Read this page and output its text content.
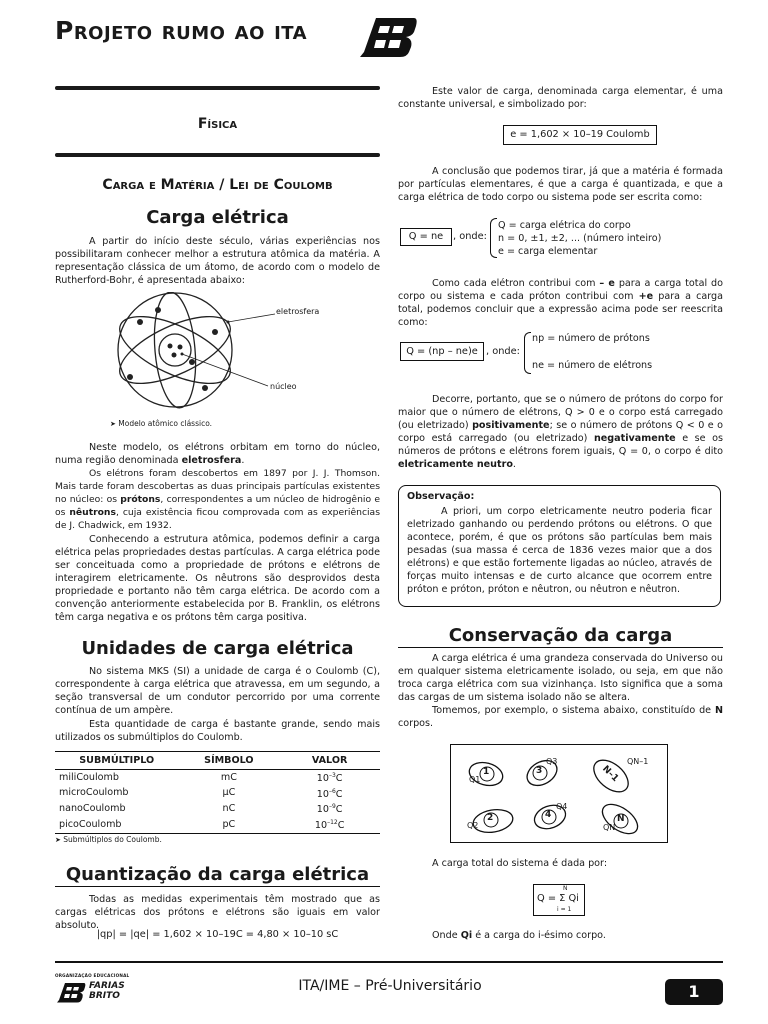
Projeto rumo ao ita
Física
Carga e Matéria / Lei de Coulomb
Carga elétrica

A partir do início deste século, várias experiências nos possibilitaram conhecer melhor a estrutura atômica da matéria. A representação clássica de um átomo, de acordo com o modelo de Rutherford-Bohr, é apresentada abaixo:

eletrosfera
núcleo
➤ Modelo atômico clássico.

Neste modelo, os elétrons orbitam em torno do núcleo, numa região denominada eletrosfera.

Os elétrons foram descobertos em 1897 por J. J. Thomson. Mais tarde foram descobertas as duas principais partículas existentes no núcleo: os prótons, correspondentes a um núcleo de hidrogênio e os nêutrons, cuja existência ficou comprovada com as experiências de J. Chadwick, em 1932.

Conhecendo a estrutura atômica, podemos definir a carga elétrica pelas propriedades destas partículas. A carga elétrica pode ser conceituada como a propriedade de prótons e elétrons de interagirem eletricamente. Os nêutrons são desprovidos desta propriedade e portanto não têm carga elétrica. De acordo com a convenção anteriormente estabelecida por B. Franklin, os elétrons têm carga negativa e os prótons têm carga positiva.

Unidades de carga elétrica

No sistema MKS (SI) a unidade de carga é o Coulomb (C), correspondente à carga elétrica que atravessa, em um segundo, a seção transversal de um condutor percorrido por uma corrente contínua de um ampère.

Esta quantidade de carga é bastante grande, sendo mais utilizados os submúltiplos do Coulomb.

SUBMÚLTIPLO	SÍMBOLO	VALOR
miliCoulomb	mC	$10^{-3}C$
microCoulomb	μC	$10^{-6}C$
nanoCoulomb	nC	$10^{-9}C$
picoCoulomb	pC	$10^{-12}C$
➤ Submúltiplos do Coulomb.
Quantização da carga elétrica

Todas as medidas experimentais têm mostrado que as cargas elétricas dos prótons e elétrons são iguais em valor absoluto.

|qp| = |qe| = 1,602 × 10–19C = 4,80 × 10–10 sC

Este valor de carga, denominada carga elementar, é uma constante universal, e simbolizado por:

e = 1,602 × 10–19 Coulomb

A conclusão que podemos tirar, já que a matéria é formada por partículas elementares, é que a carga é quantizada, e que a carga elétrica de todo corpo ou sistema pode ser escrita como:

Q = ne	, onde:
Q = carga elétrica do corpo
n = 0, ±1, ±2, ... (número inteiro)
e = carga elementar

Como cada elétron contribui com – e para a carga total do corpo ou sistema e cada próton contribui com +e para a carga total, podemos concluir que a expressão acima pode ser reescrita como:

Q = (np – ne)e , onde:
np = número de prótons
ne = número de elétrons

Decorre, portanto, que se o número de prótons do corpo for maior que o número de elétrons, Q > 0 e o corpo está carregado (ou eletrizado) positivamente; se o número de prótons Q < 0 e o corpo está carregado (ou eletrizado) negativamente e se os números de prótons e elétrons forem iguais, Q = 0, o corpo é dito eletricamente neutro.

Observação:

A priori, um corpo eletricamente neutro poderia ficar eletrizado ganhando ou perdendo prótons ou elétrons. O que acontece, porém, é que os prótons são partículas bem mais pesadas (sua massa é cerca de 1836 vezes maior que a dos elétrons) e que estão fortemente ligadas ao núcleo, através de forças muito intensas e de curto alcance que ocorrem entre próton e próton, próton e nêutron, ou nêutron e nêutron.

Conservação da carga

A carga elétrica é uma grandeza conservada do Universo ou em qualquer sistema eletricamente isolado, ou seja, em que não troca carga elétrica com sua vizinhança. Isto significa que a soma das cargas de um sistema isolado não se altera.

Tomemos, por exemplo, o sistema abaixo, constituído de N corpos.

1
2
3
4
N–1
N
Q1
Q2
Q3
Q4
QN–1
QN

A carga total do sistema é dada por:

N
Q = Σ Qi
i = 1

Onde Qi é a carga do i-ésimo corpo.

ORGANIZAÇÃO EDUCACIONAL
FARIAS BRITO
ITA/IME – Pré-Universitário	1
